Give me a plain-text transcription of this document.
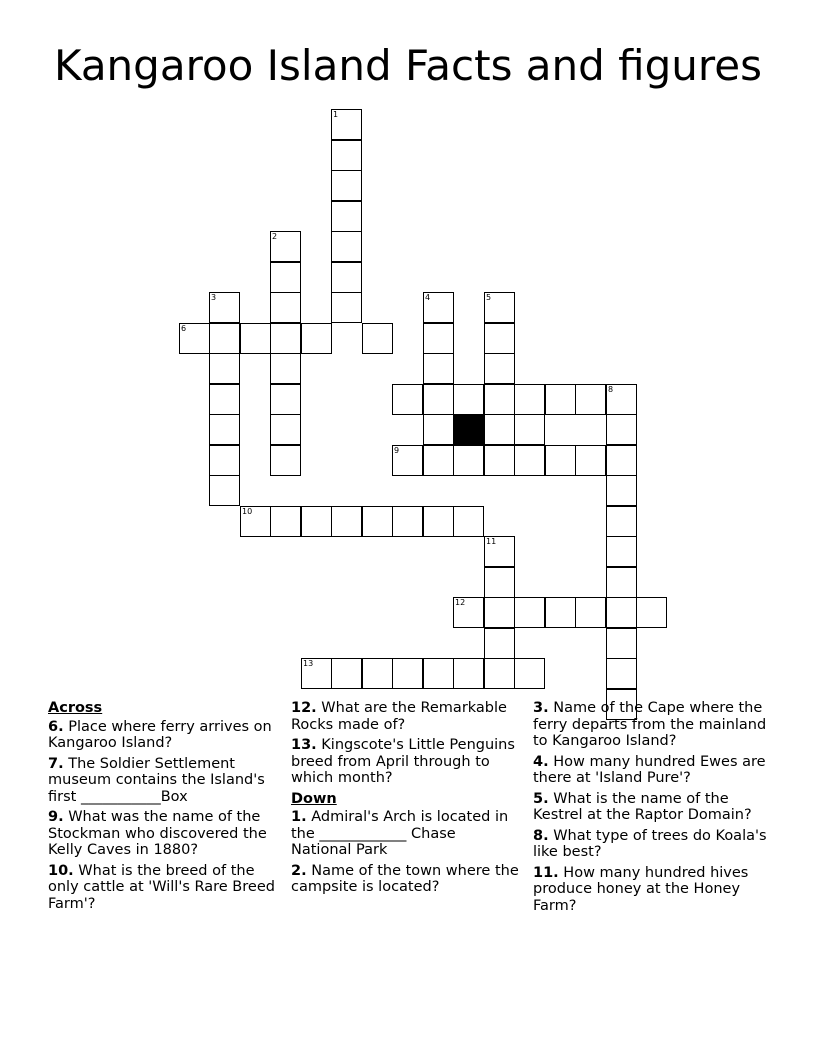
Kangaroo Island Facts and figures
1
2
3
6
4	5
8
9
10
11
12
13

Across

6. Place where ferry arrives on Kangaroo Island?

7. The Soldier Settlement museum contains the Island's first ___________Box

9. What was the name of the Stockman who discovered the Kelly Caves in 1880?

10. What is the breed of the only cattle at 'Will's Rare Breed Farm'?

12. What are the Remarkable Rocks made of?

13. Kingscote's Little Penguins breed from April through to which month?

Down

1. Admiral's Arch is located in the ____________ Chase National Park

2. Name of the town where the campsite is located?

3. Name of the Cape where the ferry departs from the mainland to Kangaroo Island?

4. How many hundred Ewes are there at 'Island Pure'?

5. What is the name of the Kestrel at the Raptor Domain?

8. What type of trees do Koala's like best?

11. How many hundred hives produce honey at the Honey Farm?
